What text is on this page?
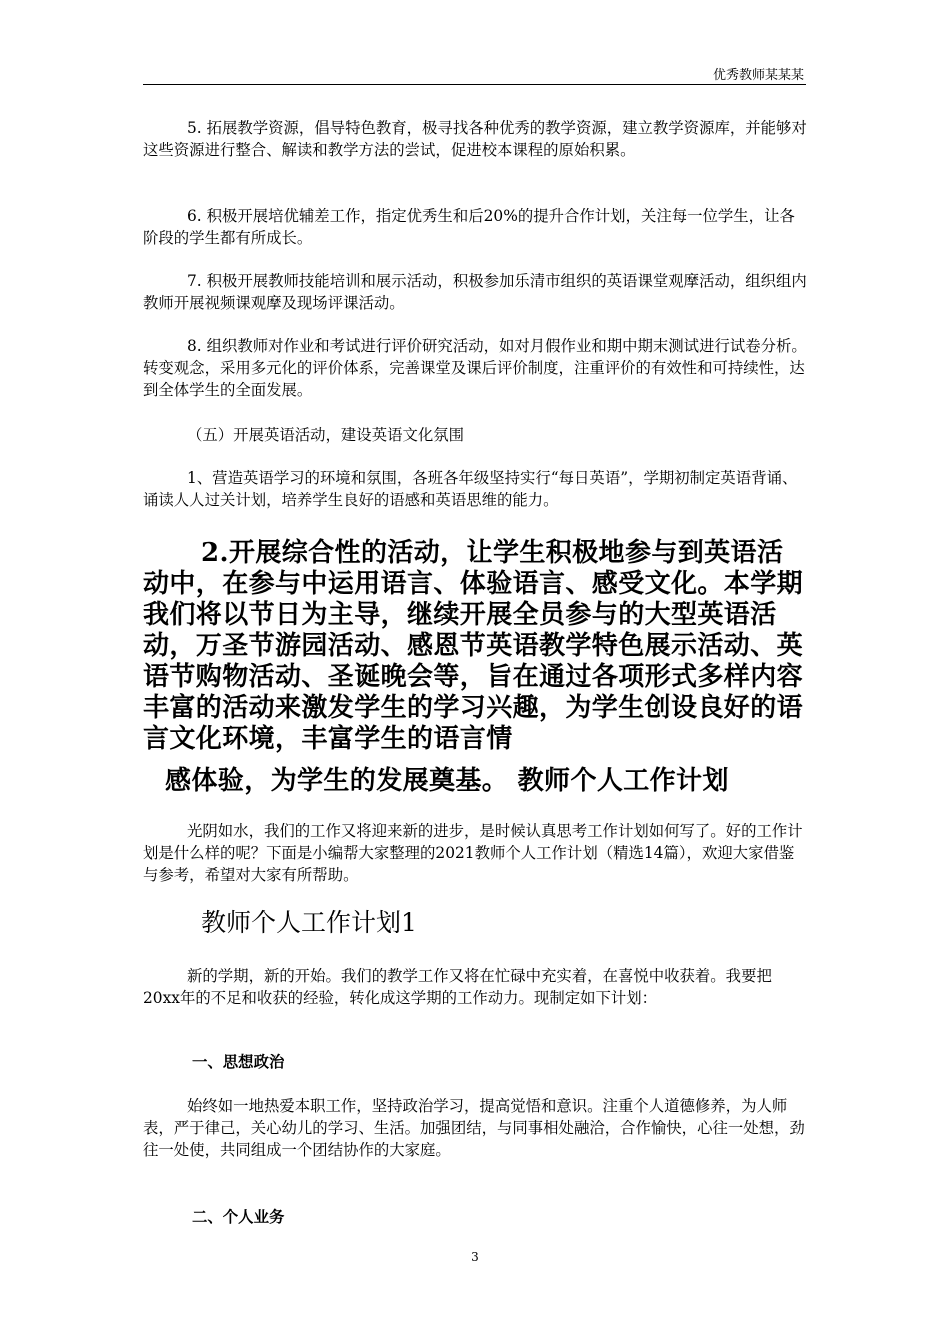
优秀教师某某某

5. 拓展教学资源，倡导特色教育，极寻找各种优秀的教学资源，建立教学资源库，并能够对这些资源进行整合、解读和教学方法的尝试，促进校本课程的原始积累。

6. 积极开展培优辅差工作，指定优秀生和后20%的提升合作计划，关注每一位学生，让各阶段的学生都有所成长。

7. 积极开展教师技能培训和展示活动，积极参加乐清市组织的英语课堂观摩活动，组织组内教师开展视频课观摩及现场评课活动。

8. 组织教师对作业和考试进行评价研究活动，如对月假作业和期中期末测试进行试卷分析。转变观念，采用多元化的评价体系，完善课堂及课后评价制度，注重评价的有效性和可持续性，达到全体学生的全面发展。

（五）开展英语活动，建设英语文化氛围

1、营造英语学习的环境和氛围，各班各年级坚持实行“每日英语”，学期初制定英语背诵、诵读人人过关计划，培养学生良好的语感和英语思维的能力。

2.开展综合性的活动，让学生积极地参与到英语活动中，在参与中运用语言、体验语言、感受文化。本学期我们将以节日为主导，继续开展全员参与的大型英语活动，万圣节游园活动、感恩节英语教学特色展示活动、英语节购物活动、圣诞晚会等，旨在通过各项形式多样内容丰富的活动来激发学生的学习兴趣，为学生创设良好的语言文化环境，丰富学生的语言情

感体验，为学生的发展奠基。 教师个人工作计划

光阴如水，我们的工作又将迎来新的进步，是时候认真思考工作计划如何写了。好的工作计划是什么样的呢？下面是小编帮大家整理的2021教师个人工作计划（精选14篇），欢迎大家借鉴与参考，希望对大家有所帮助。

教师个人工作计划1

新的学期，新的开始。我们的教学工作又将在忙碌中充实着，在喜悦中收获着。我要把20xx年的不足和收获的经验，转化成这学期的工作动力。现制定如下计划：

一、思想政治

始终如一地热爱本职工作，坚持政治学习，提高觉悟和意识。注重个人道德修养，为人师表，严于律己，关心幼儿的学习、生活。加强团结，与同事相处融洽，合作愉快，心往一处想，劲往一处使，共同组成一个团结协作的大家庭。

二、个人业务

3
